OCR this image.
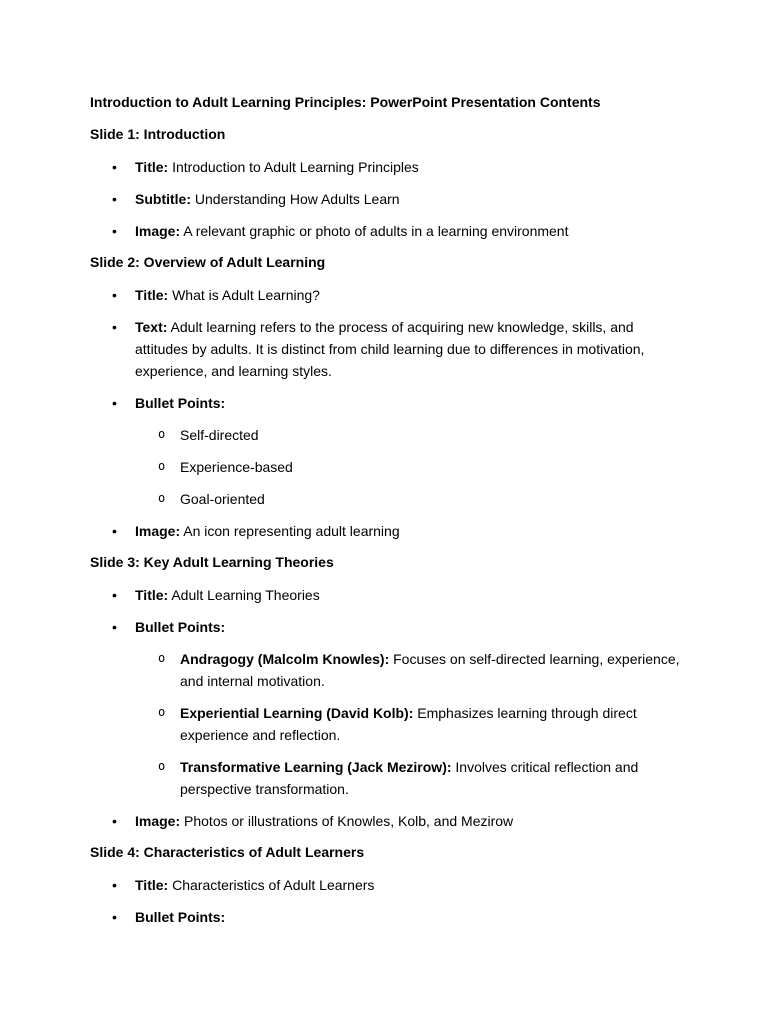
Introduction to Adult Learning Principles: PowerPoint Presentation Contents
Slide 1: Introduction
• Title: Introduction to Adult Learning Principles
• Subtitle: Understanding How Adults Learn
• Image: A relevant graphic or photo of adults in a learning environment
Slide 2: Overview of Adult Learning
• Title: What is Adult Learning?
• Text: Adult learning refers to the process of acquiring new knowledge, skills, and attitudes by adults. It is distinct from child learning due to differences in motivation, experience, and learning styles.
• Bullet Points:
o Self-directed
o Experience-based
o Goal-oriented
• Image: An icon representing adult learning
Slide 3: Key Adult Learning Theories
• Title: Adult Learning Theories
• Bullet Points:
o Andragogy (Malcolm Knowles): Focuses on self-directed learning, experience, and internal motivation.
o Experiential Learning (David Kolb): Emphasizes learning through direct experience and reflection.
o Transformative Learning (Jack Mezirow): Involves critical reflection and perspective transformation.
• Image: Photos or illustrations of Knowles, Kolb, and Mezirow
Slide 4: Characteristics of Adult Learners
• Title: Characteristics of Adult Learners
• Bullet Points:
